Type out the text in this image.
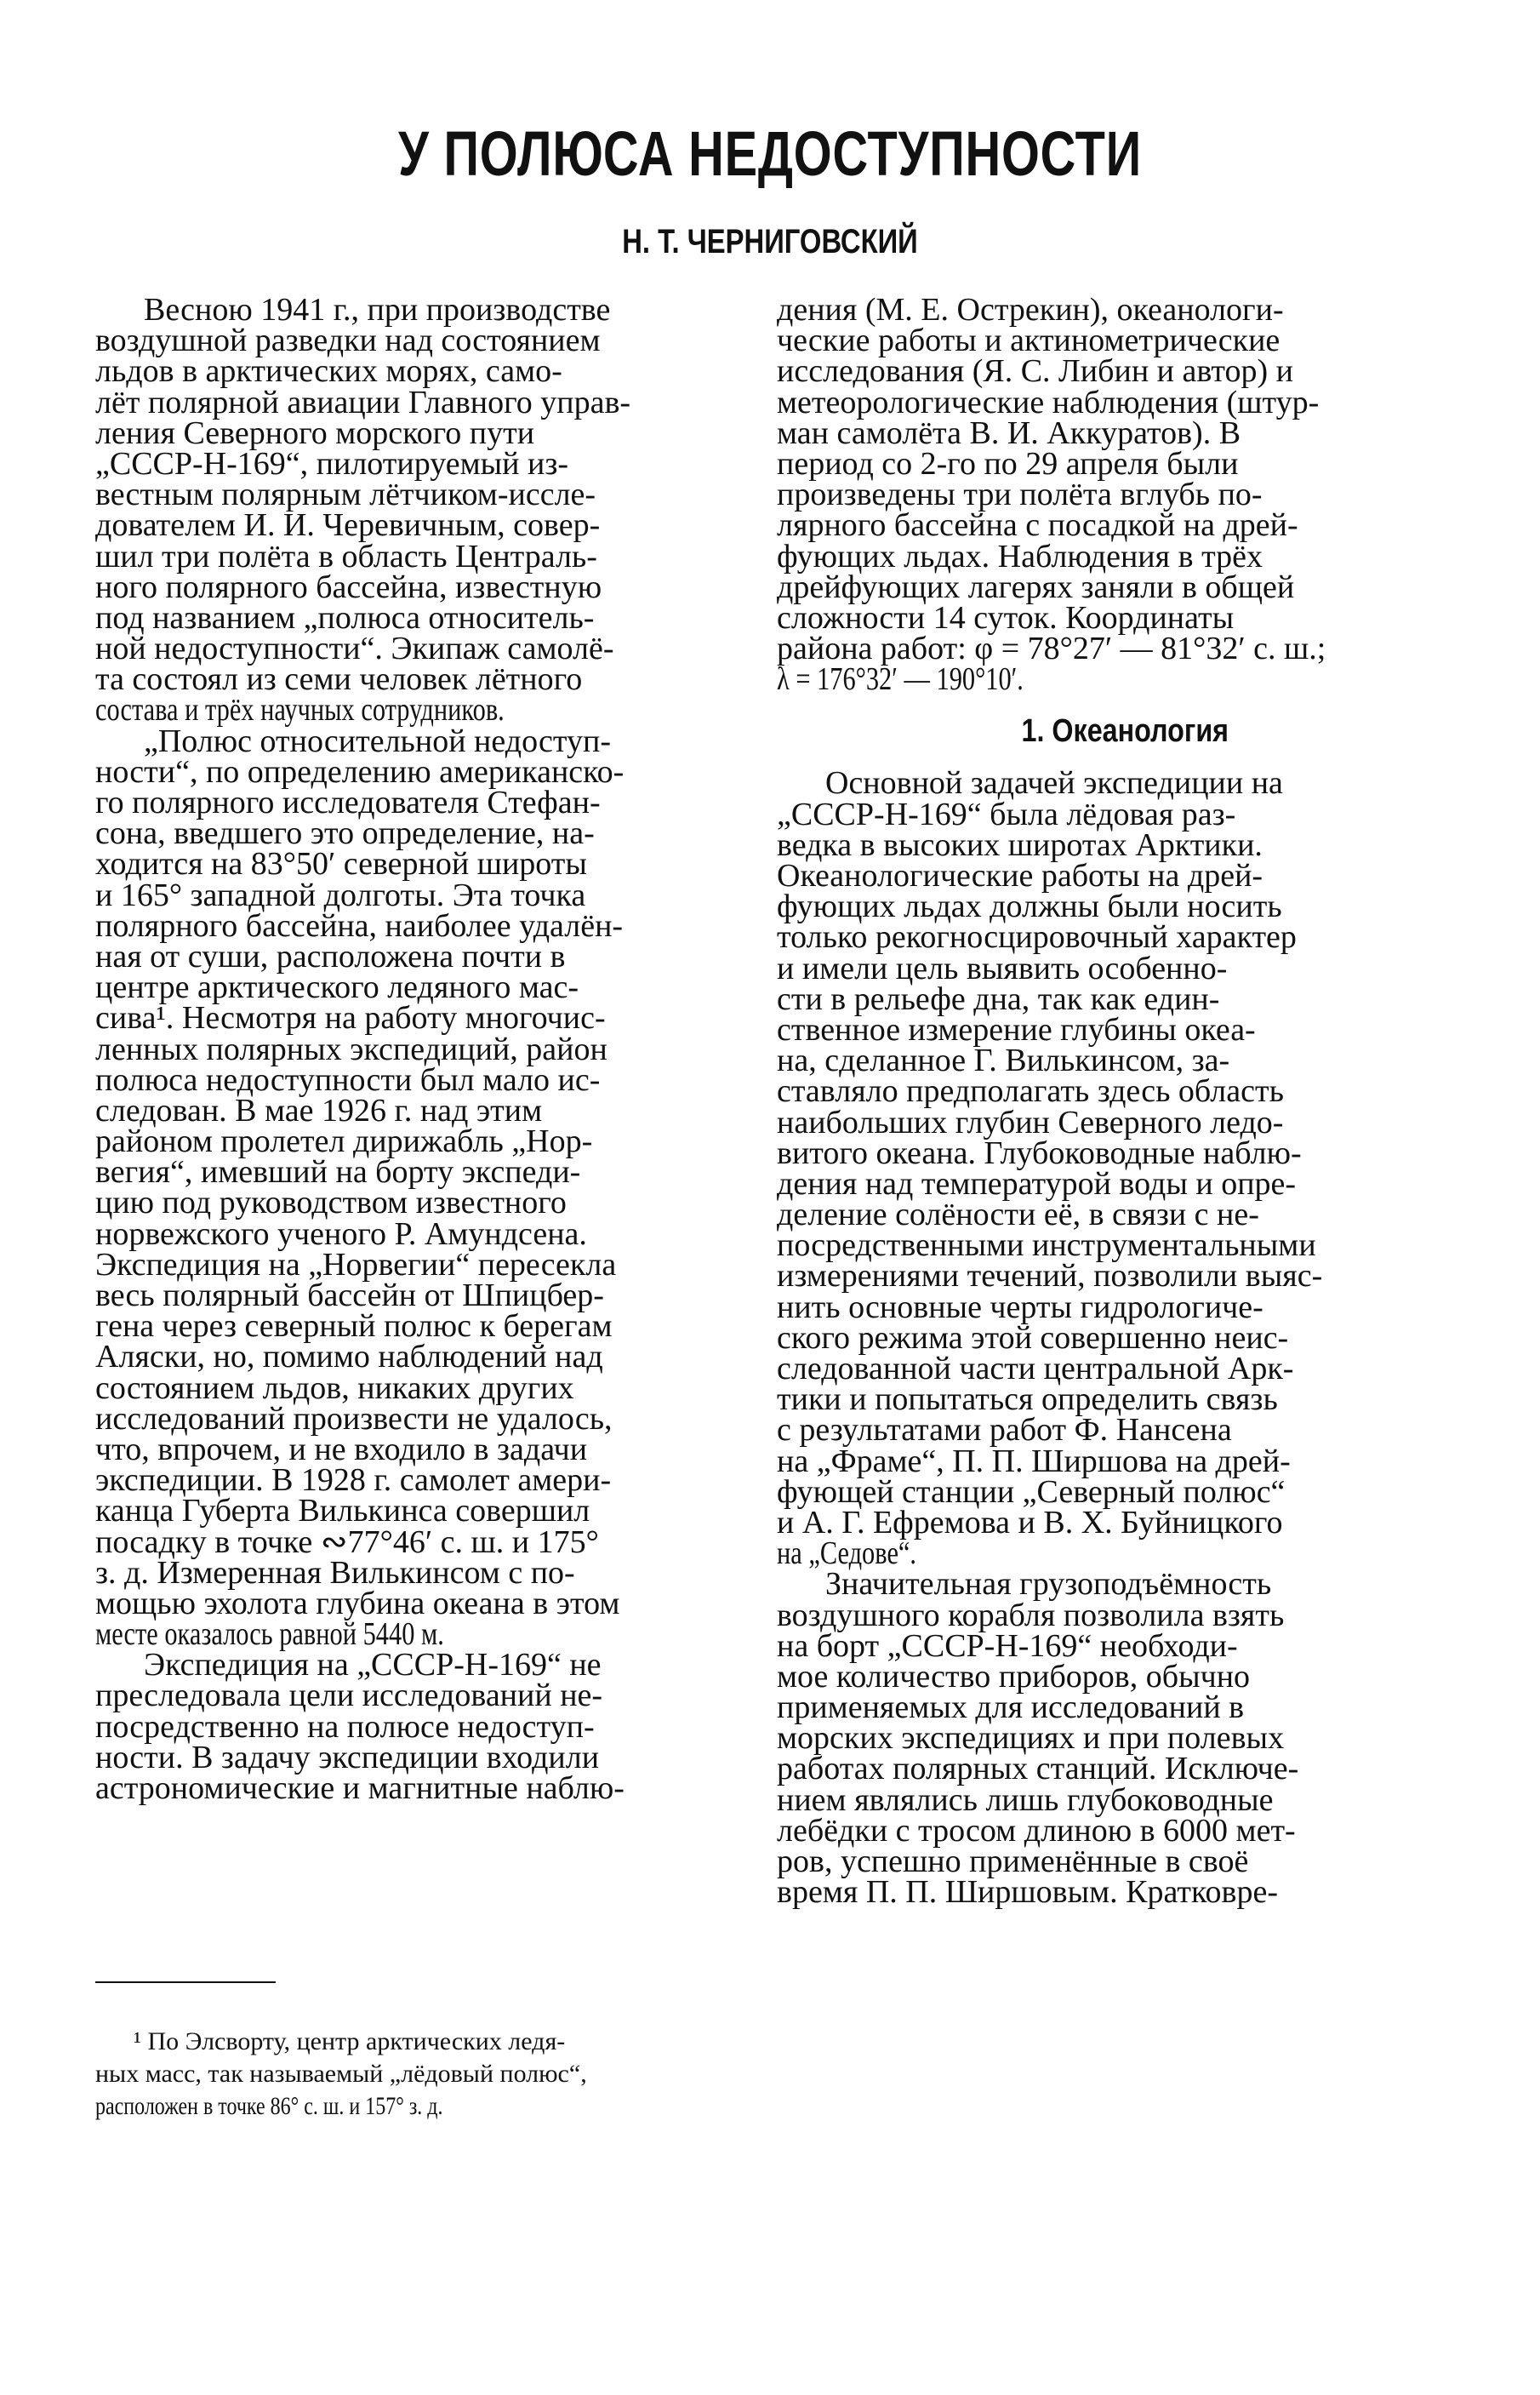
У ПОЛЮСА НЕДОСТУПНОСТИ
Н. Т. ЧЕРНИГОВСКИЙ
  Весною 1941 г., при производстве
воздушной разведки над состоянием
льдов в арктических морях, само-
лёт полярной авиации Главного управ-
ления Северного морского пути
„СССР-Н-169“, пилотируемый из-
вестным полярным лётчиком-иссле-
дователем И. И. Черевичным, совер-
шил три полёта в область Централь-
ного полярного бассейна, известную
под названием „полюса относитель-
ной недоступности“. Экипаж самолё-
та состоял из семи человек лётного
состава и трёх научных сотрудников.
  „Полюс относительной недоступ-
ности“, по определению американско-
го полярного исследователя Стефан-
сона, введшего это определение, на-
ходится на 83°50′ северной широты
и 165° западной долготы. Эта точка
полярного бассейна, наиболее удалён-
ная от суши, расположена почти в
центре арктического ледяного мас-
сива¹. Несмотря на работу многочис-
ленных полярных экспедиций, район
полюса недоступности был мало ис-
следован. В мае 1926 г. над этим
районом пролетел дирижабль „Нор-
вегия“, имевший на борту экспеди-
цию под руководством известного
норвежского ученого Р. Амундсена.
Экспедиция на „Норвегии“ пересекла
весь полярный бассейн от Шпицбер-
гена через северный полюс к берегам
Аляски, но, помимо наблюдений над
состоянием льдов, никаких других
исследований произвести не удалось,
что, впрочем, и не входило в задачи
экспедиции. В 1928 г. самолет амери-
канца Губерта Вилькинса совершил
посадку в точке ∾77°46′ с. ш. и 175°
з. д. Измеренная Вилькинсом с по-
мощью эхолота глубина океана в этом
месте оказалось равной 5440 м.
  Экспедиция на „СССР-Н-169“ не
преследовала цели исследований не-
посредственно на полюсе недоступ-
ности. В задачу экспедиции входили
астрономические и магнитные наблю-
дения (М. Е. Острекин), океанологи-
ческие работы и актинометрические
исследования (Я. С. Либин и автор) и
метеорологические наблюдения (штур-
ман самолёта В. И. Аккуратов). В
период со 2-го по 29 апреля были
произведены три полёта вглубь по-
лярного бассейна с посадкой на дрей-
фующих льдах. Наблюдения в трёх
дрейфующих лагерях заняли в общей
сложности 14 суток. Координаты
района работ: φ = 78°27′ — 81°32′ с. ш.;
λ = 176°32′ — 190°10′.
1. Океанология
  Основной задачей экспедиции на
„СССР-Н-169“ была лёдовая раз-
ведка в высоких широтах Арктики.
Океанологические работы на дрей-
фующих льдах должны были носить
только рекогносцировочный характер
и имели цель выявить особенно-
сти в рельефе дна, так как един-
ственное измерение глубины океа-
на, сделанное Г. Вилькинсом, за-
ставляло предполагать здесь область
наибольших глубин Северного ледо-
витого океана. Глубоководные наблю-
дения над температурой воды и опре-
деление солёности её, в связи с не-
посредственными инструментальными
измерениями течений, позволили выяс-
нить основные черты гидрологиче-
ского режима этой совершенно неис-
следованной части центральной Арк-
тики и попытаться определить связь
с результатами работ Ф. Нансена
на „Фраме“, П. П. Ширшова на дрей-
фующей станции „Северный полюс“
и А. Г. Ефремова и В. Х. Буйницкого
на „Седове“.
  Значительная грузоподъёмность
воздушного корабля позволила взять
на борт „СССР-Н-169“ необходи-
мое количество приборов, обычно
применяемых для исследований в
морских экспедициях и при полевых
работах полярных станций. Исключе-
нием являлись лишь глубоководные
лебёдки с тросом длиною в 6000 мет-
ров, успешно применённые в своё
время П. П. Ширшовым. Кратковре-
  ¹ По Элсворту, центр арктических ледя-
ных масс, так называемый „лёдовый полюс“,
расположен в точке 86° с. ш. и 157° з. д.
